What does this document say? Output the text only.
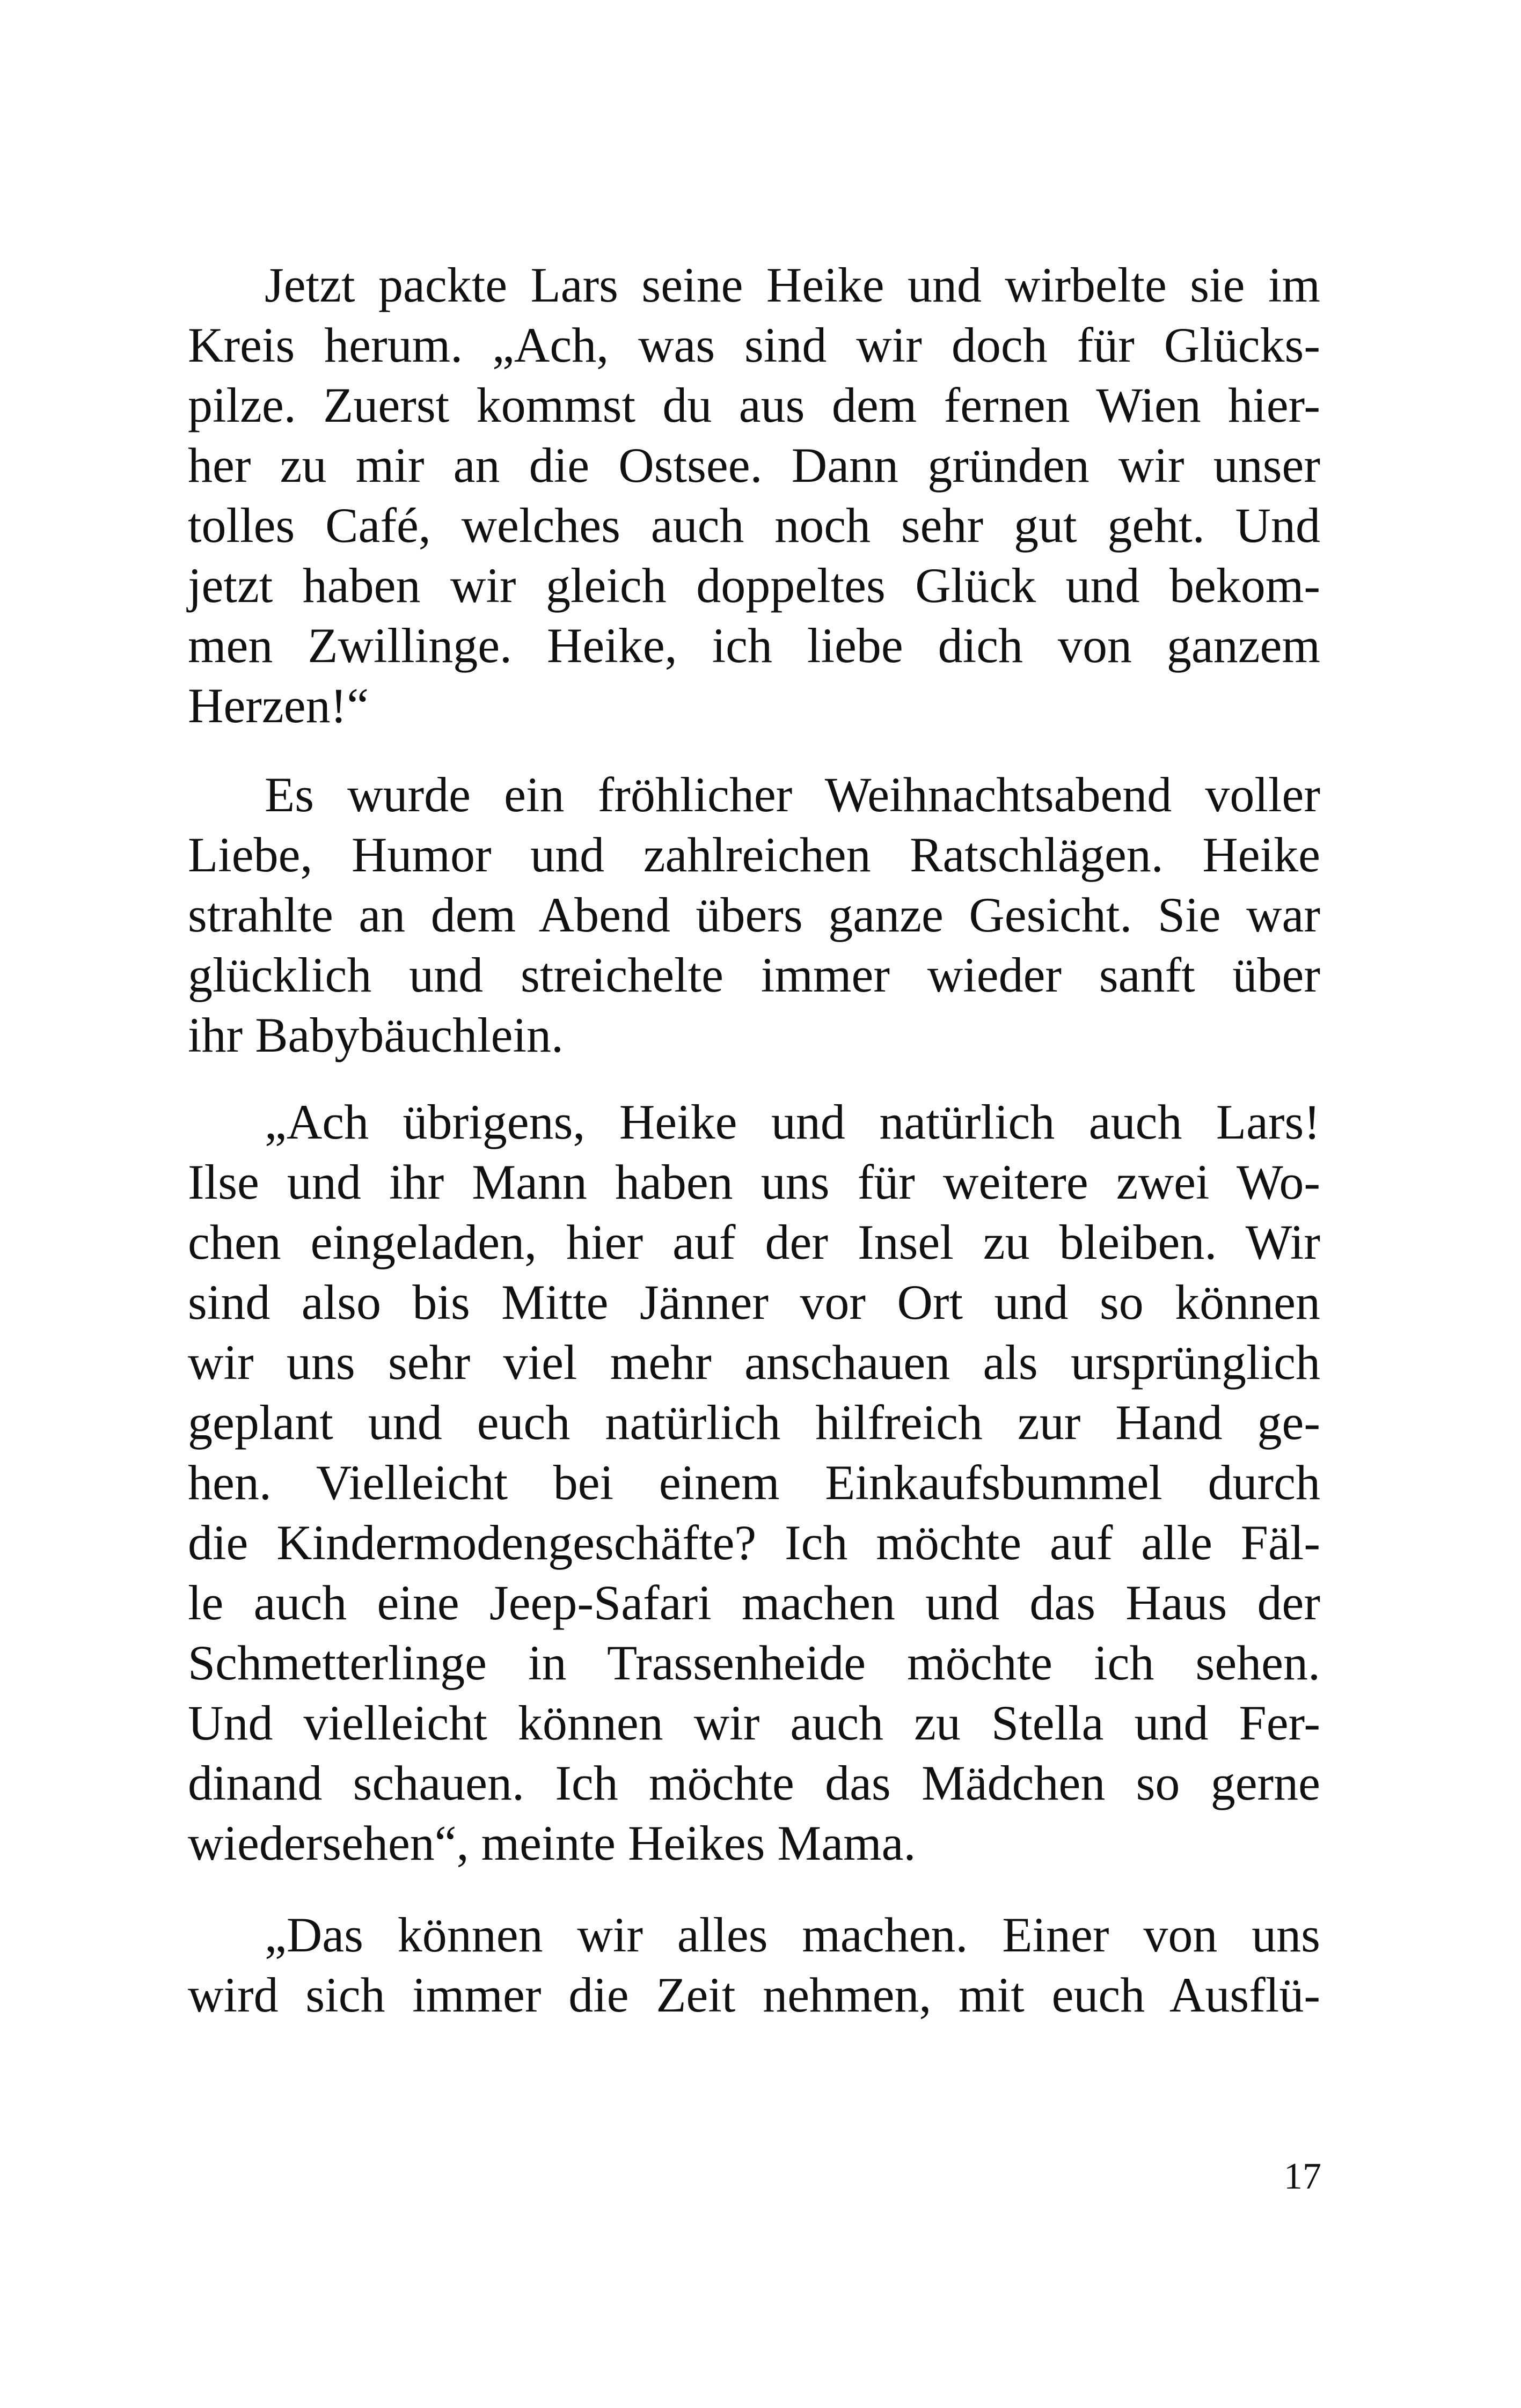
Jetzt packte Lars seine Heike und wirbelte sie im
Kreis herum. „Ach, was sind wir doch für Glücks-
pilze. Zuerst kommst du aus dem fernen Wien hier-
her zu mir an die Ostsee. Dann gründen wir unser
tolles Café, welches auch noch sehr gut geht. Und
jetzt haben wir gleich doppeltes Glück und bekom-
men Zwillinge. Heike, ich liebe dich von ganzem
Herzen!“
Es wurde ein fröhlicher Weihnachtsabend voller
Liebe, Humor und zahlreichen Ratschlägen. Heike
strahlte an dem Abend übers ganze Gesicht. Sie war
glücklich und streichelte immer wieder sanft über
ihr Babybäuchlein.
„Ach übrigens, Heike und natürlich auch Lars!
Ilse und ihr Mann haben uns für weitere zwei Wo-
chen eingeladen, hier auf der Insel zu bleiben. Wir
sind also bis Mitte Jänner vor Ort und so können
wir uns sehr viel mehr anschauen als ursprünglich
geplant und euch natürlich hilfreich zur Hand ge-
hen. Vielleicht bei einem Einkaufsbummel durch
die Kindermodengeschäfte? Ich möchte auf alle Fäl-
le auch eine Jeep-Safari machen und das Haus der
Schmetterlinge in Trassenheide möchte ich sehen.
Und vielleicht können wir auch zu Stella und Fer-
dinand schauen. Ich möchte das Mädchen so gerne
wiedersehen“, meinte Heikes Mama.
„Das können wir alles machen. Einer von uns
wird sich immer die Zeit nehmen, mit euch Ausflü-
17
